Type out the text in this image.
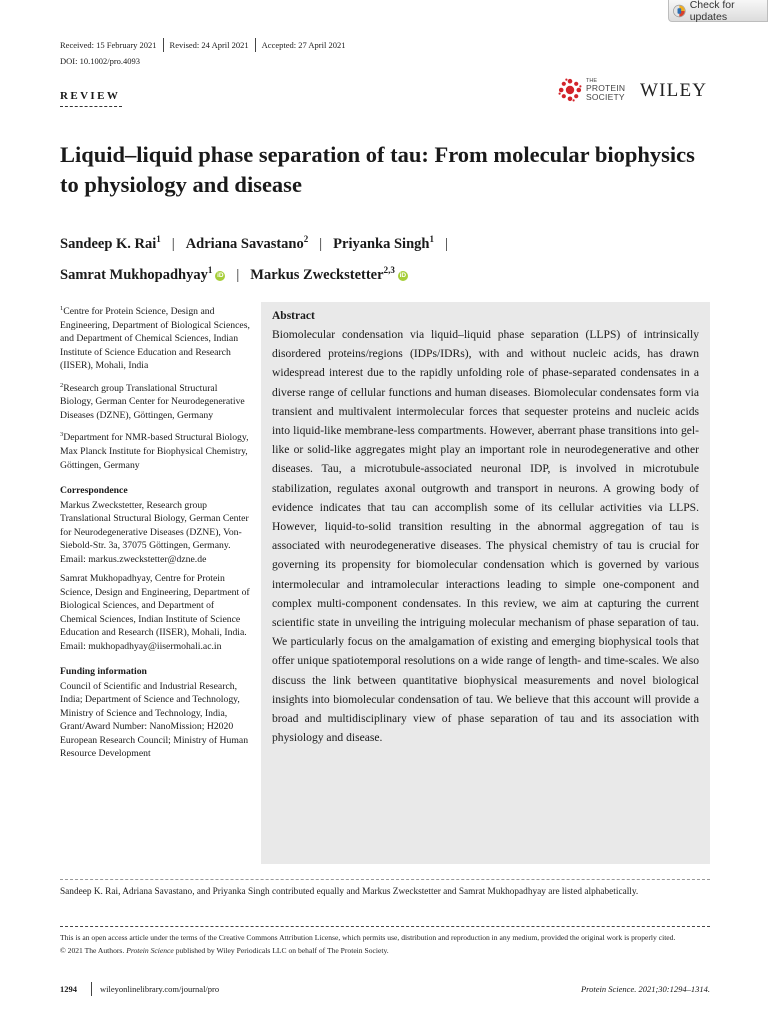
Check for updates
Received: 15 February 2021 Revised: 24 April 2021 Accepted: 27 April 2021
DOI: 10.1002/pro.4093
REVIEW
THE
PROTEIN
SOCIETY WILEY
Liquid–liquid phase separation of tau: From molecular biophysics to physiology and disease
Sandeep K. Rai$^1$ | Adriana Savastano$^2$ | Priyanka Singh$^1$ |
Samrat Mukhopadhyay$^1$iD | Markus Zweckstetter$^{2,3}$iD

$^1$Centre for Protein Science, Design and Engineering, Department of Biological Sciences, and Department of Chemical Sciences, Indian Institute of Science Education and Research (IISER), Mohali, India

$^2$Research group Translational Structural Biology, German Center for Neurodegenerative Diseases (DZNE), Göttingen, Germany

$^3$Department for NMR-based Structural Biology, Max Planck Institute for Biophysical Chemistry, Göttingen, Germany

Correspondence
Markus Zweckstetter, Research group Translational Structural Biology, German Center for Neurodegenerative Diseases (DZNE), Von-Siebold-Str. 3a, 37075 Göttingen, Germany.
Email: markus.zweckstetter@dzne.de
Samrat Mukhopadhyay, Centre for Protein Science, Design and Engineering, Department of Biological Sciences, and Department of Chemical Sciences, Indian Institute of Science Education and Research (IISER), Mohali, India.
Email: mukhopadhyay@iisermohali.ac.in
Funding information
Council of Scientific and Industrial Research, India; Department of Science and Technology, Ministry of Science and Technology, India, Grant/Award Number: NanoMission; H2020 European Research Council; Ministry of Human Resource Development
Abstract
Biomolecular condensation via liquid–liquid phase separation (LLPS) of intrinsically disordered proteins/regions (IDPs/IDRs), with and without nucleic acids, has drawn widespread interest due to the rapidly unfolding role of phase-separated condensates in a diverse range of cellular functions and human diseases. Biomolecular condensates form via transient and multivalent intermolecular forces that sequester proteins and nucleic acids into liquid-like membrane-less compartments. However, aberrant phase transitions into gel-like or solid-like aggregates might play an important role in neurodegenerative and other diseases. Tau, a microtubule-associated neuronal IDP, is involved in microtubule stabilization, regulates axonal outgrowth and transport in neurons. A growing body of evidence indicates that tau can accomplish some of its cellular activities via LLPS. However, liquid-to-solid transition resulting in the abnormal aggregation of tau is associated with neurodegenerative diseases. The physical chemistry of tau is crucial for governing its propensity for biomolecular condensation which is governed by various intermolecular and intramolecular interactions leading to simple one-component and complex multi-component condensates. In this review, we aim at capturing the current scientific state in unveiling the intriguing molecular mechanism of phase separation of tau. We particularly focus on the amalgamation of existing and emerging biophysical tools that offer unique spatiotemporal resolutions on a wide range of length- and time-scales. We also discuss the link between quantitative biophysical measurements and novel biological insights into biomolecular condensation of tau. We believe that this account will provide a broad and multidisciplinary view of phase separation of tau and its association with physiology and disease.
Sandeep K. Rai, Adriana Savastano, and Priyanka Singh contributed equally and Markus Zweckstetter and Samrat Mukhopadhyay are listed alphabetically.
This is an open access article under the terms of the Creative Commons Attribution License, which permits use, distribution and reproduction in any medium, provided the original work is properly cited.
© 2021 The Authors. Protein Science published by Wiley Periodicals LLC on behalf of The Protein Society.
1294	wileyonlinelibrary.com/journal/pro	Protein Science. 2021;30:1294–1314.
